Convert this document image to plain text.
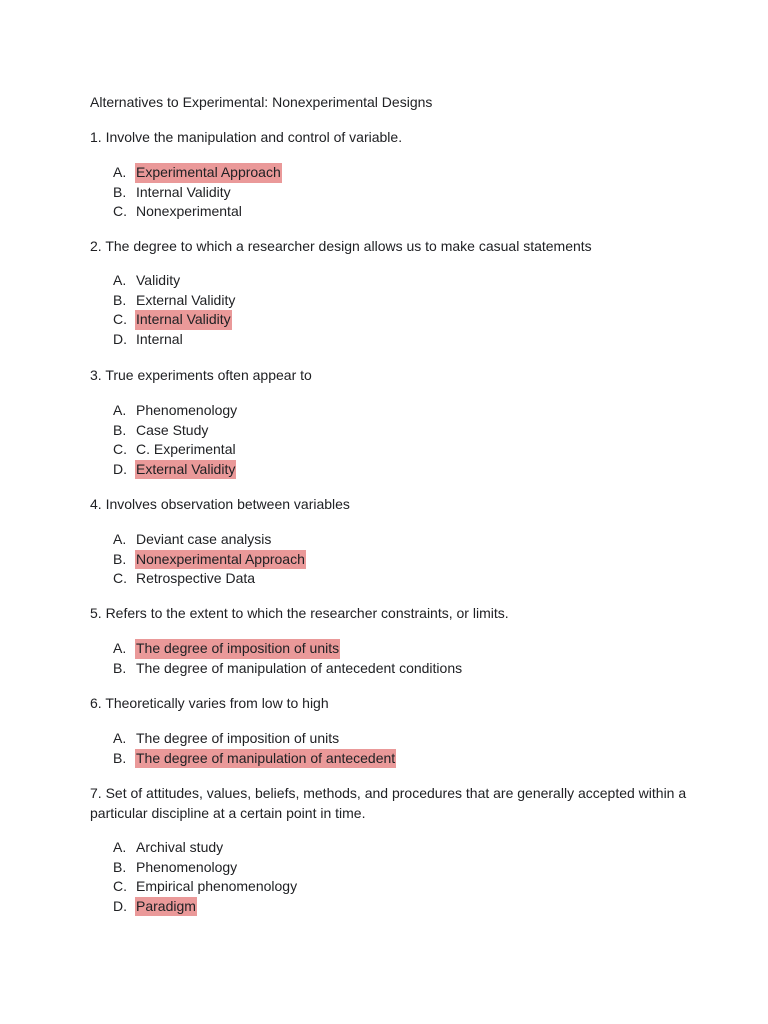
Alternatives to Experimental: Nonexperimental Designs

1. Involve the manipulation and control of variable.

A. Experimental Approach
B. Internal Validity
C. Nonexperimental

2. The degree to which a researcher design allows us to make casual statements

A. Validity
B. External Validity
C. Internal Validity
D. Internal

3. True experiments often appear to

A. Phenomenology
B. Case Study
C. C. Experimental
D. External Validity

4. Involves observation between variables

A. Deviant case analysis
B. Nonexperimental Approach
C. Retrospective Data

5. Refers to the extent to which the researcher constraints, or limits.

A. The degree of imposition of units
B. The degree of manipulation of antecedent conditions

6. Theoretically varies from low to high

A. The degree of imposition of units
B. The degree of manipulation of antecedent

7. Set of attitudes, values, beliefs, methods, and procedures that are generally accepted within a particular discipline at a certain point in time.

A. Archival study
B. Phenomenology
C. Empirical phenomenology
D. Paradigm
